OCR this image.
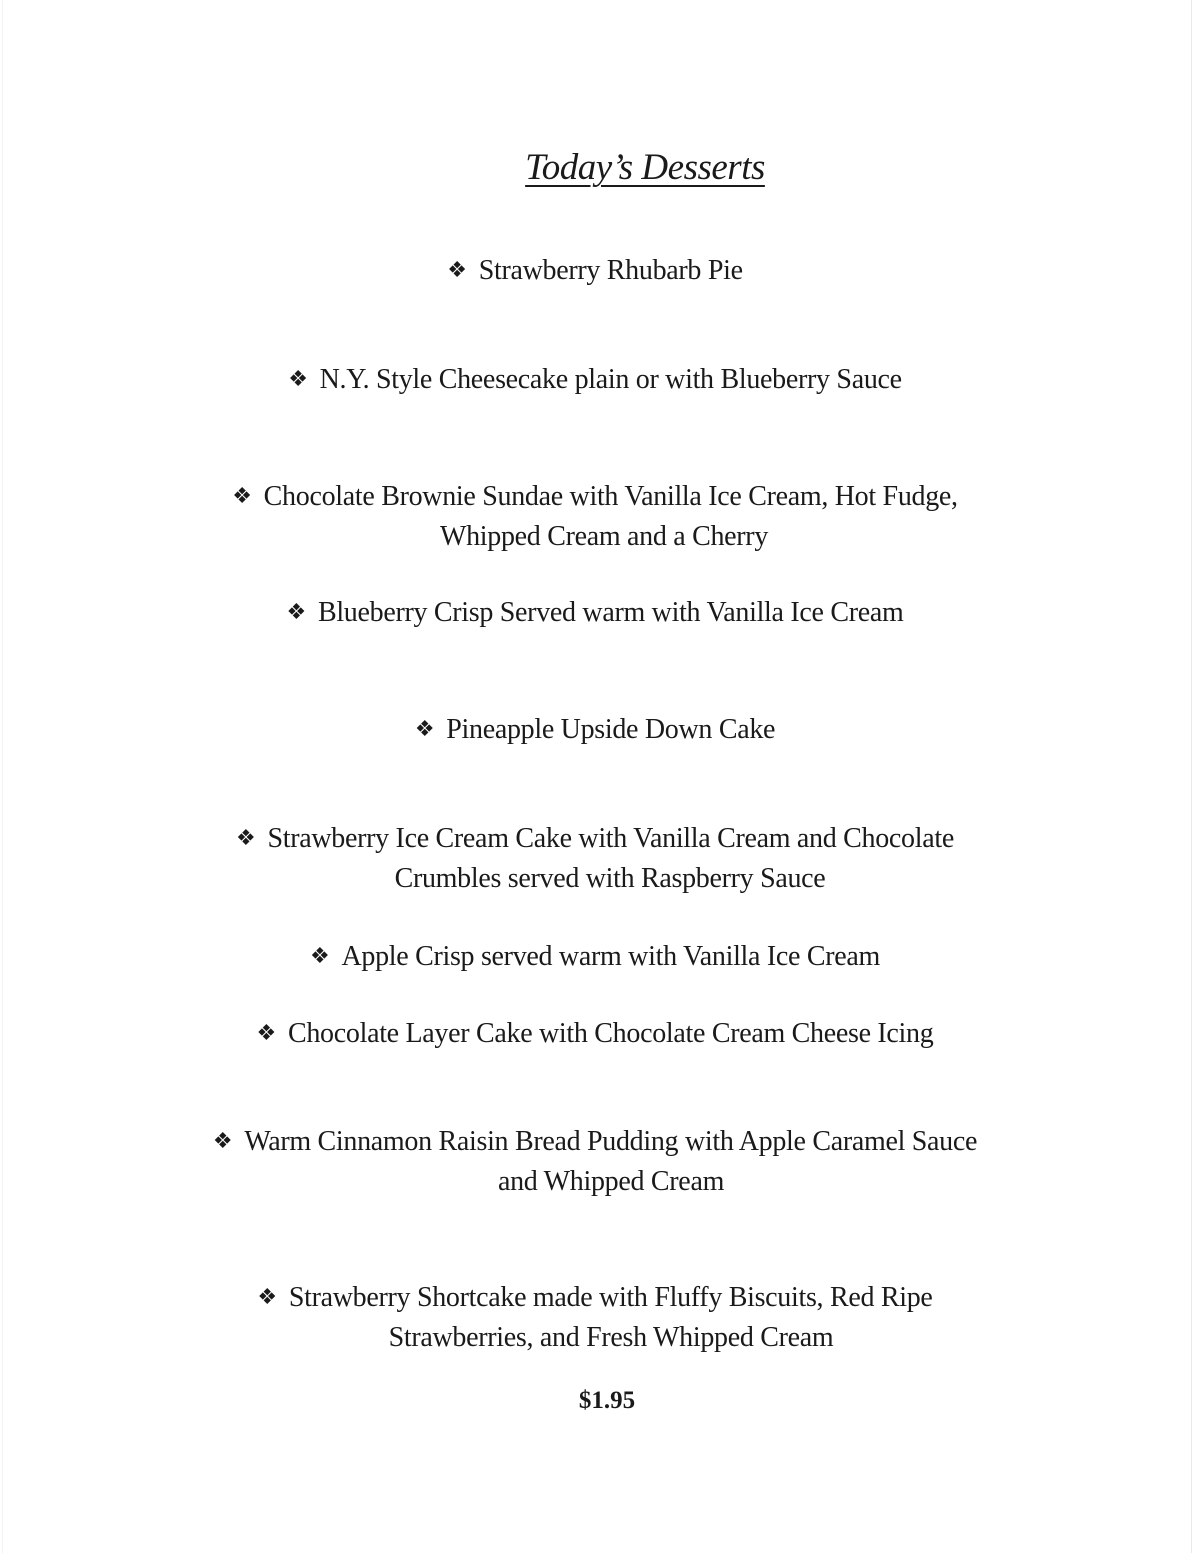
Today’s Desserts
❖ Strawberry Rhubarb Pie
❖ N.Y. Style Cheesecake plain or with Blueberry Sauce
❖ Chocolate Brownie Sundae with Vanilla Ice Cream, Hot Fudge,
Whipped Cream and a Cherry
❖ Blueberry Crisp Served warm with Vanilla Ice Cream
❖ Pineapple Upside Down Cake
❖ Strawberry Ice Cream Cake with Vanilla Cream and Chocolate
Crumbles served with Raspberry Sauce
❖ Apple Crisp served warm with Vanilla Ice Cream
❖ Chocolate Layer Cake with Chocolate Cream Cheese Icing
❖ Warm Cinnamon Raisin Bread Pudding with Apple Caramel Sauce
and Whipped Cream
❖ Strawberry Shortcake made with Fluffy Biscuits, Red Ripe
Strawberries, and Fresh Whipped Cream
$1.95
